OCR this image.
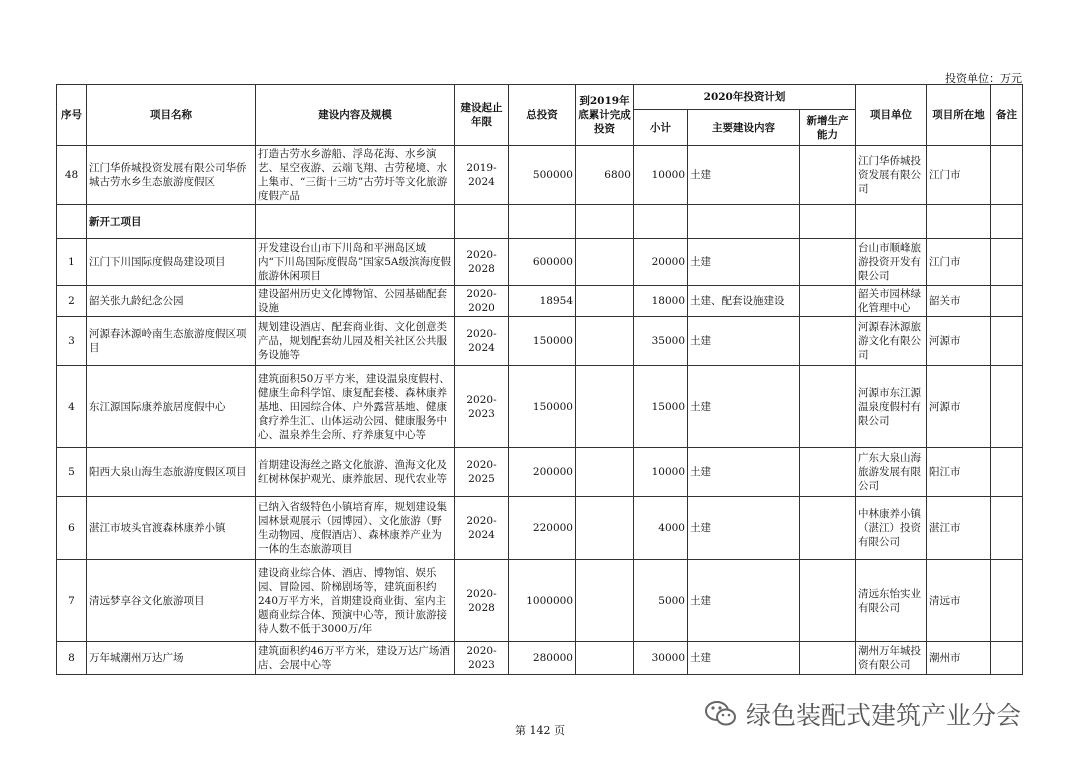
投资单位：万元
序号	项目名称	建设内容及规模	建设起止年限	总投资	到2019年底累计完成投资	2020年投资计划			项目单位	项目所在地	备注
						小计	主要建设内容	新增生产能力			
48	江门华侨城投资发展有限公司华侨城古劳水乡生态旅游度假区	打造古劳水乡游船、浮岛花海、水乡演艺、星空夜游、云端飞翔、古劳秘境、水上集市、“三街十三坊”古劳圩等文化旅游度假产品	2019-2024	500000	6800	10000	土建		江门华侨城投资发展有限公司	江门市	
	新开工项目										
1	江门下川国际度假岛建设项目	开发建设台山市下川岛和平洲岛区域内“下川岛国际度假岛”国家5A级滨海度假旅游休闲项目	2020-2028	600000		20000	土建		台山市顺峰旅游投资开发有限公司	江门市	
2	韶关张九龄纪念公园	建设韶州历史文化博物馆、公园基础配套设施	2020-2020	18954		18000	土建、配套设施建设		韶关市园林绿化管理中心	韶关市	
3	河源春沐源岭南生态旅游度假区项目	规划建设酒店、配套商业街、文化创意类产品，规划配套幼儿园及相关社区公共服务设施等	2020-2024	150000		35000	土建		河源春沐源旅游文化有限公司	河源市	
4	东江源国际康养旅居度假中心	建筑面积50万平方米，建设温泉度假村、健康生命科学馆、康复配套楼、森林康养基地、田园综合体、户外露营基地、健康食疗养生汇、山体运动公园、健康服务中心、温泉养生会所、疗养康复中心等	2020-2023	150000		15000	土建		河源市东江源温泉度假村有限公司	河源市	
5	阳西大泉山海生态旅游度假区项目	首期建设海丝之路文化旅游、渔海文化及红树林保护观光、康养旅居、现代农业等	2020-2025	200000		10000	土建		广东大泉山海旅游发展有限公司	阳江市	
6	湛江市坡头官渡森林康养小镇	已纳入省级特色小镇培育库，规划建设集园林景观展示（园博园）、文化旅游（野生动物园、度假酒店）、森林康养产业为一体的生态旅游项目	2020-2024	220000		4000	土建		中林康养小镇（湛江）投资有限公司	湛江市	
7	清远梦享谷文化旅游项目	建设商业综合体、酒店、博物馆、娱乐园、冒险园、阶梯剧场等，建筑面积约240万平方米，首期建设商业街、室内主题商业综合体、预演中心等，预计旅游接待人数不低于3000万/年	2020-2028	1000000		5000	土建		清远东怡实业有限公司	清远市	
8	万年城潮州万达广场	建筑面积约46万平方米，建设万达广场酒店、会展中心等	2020-2023	280000		30000	土建		潮州万年城投资有限公司	潮州市	
绿色装配式建筑产业分会
第 142 页
